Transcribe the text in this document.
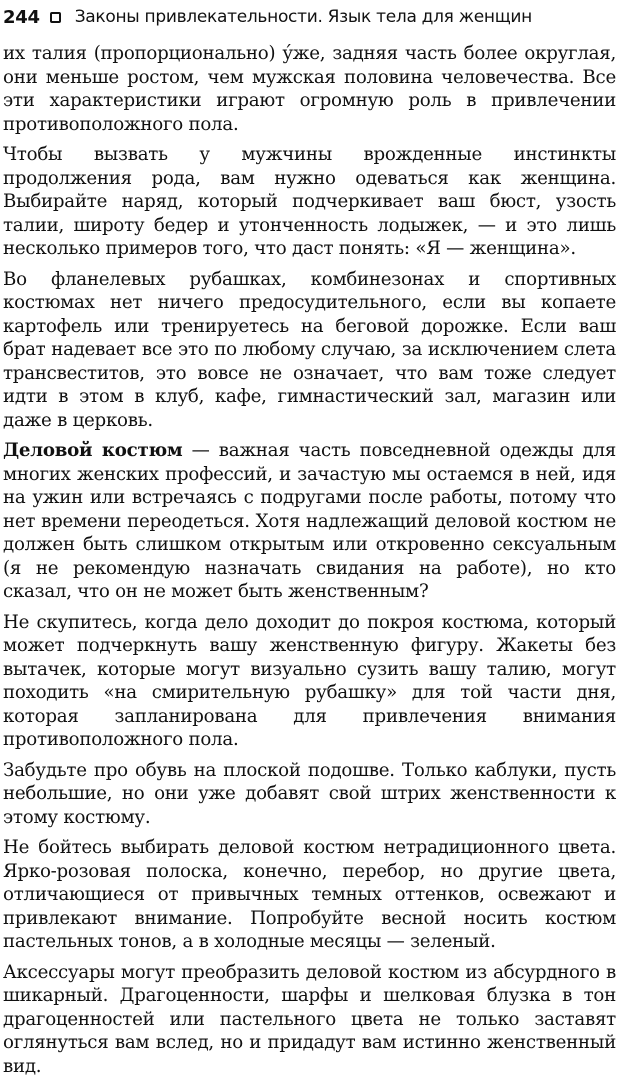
244 Законы привлекательности. Язык тела для женщин

их талия (пропорционально) у́же, задняя часть более округлая, они меньше ростом, чем мужская половина человечества. Все эти характеристики играют огромную роль в привлечении противоположного пола.

Чтобы вызвать у мужчины врожденные инстинкты продолжения рода, вам нужно одеваться как женщина. Выбирайте наряд, который подчеркивает ваш бюст, узость талии, широту бедер и утонченность лодыжек, — и это лишь несколько примеров того, что даст понять: «Я — женщина».

Во фланелевых рубашках, комбинезонах и спортивных костюмах нет ничего предосудительного, если вы копаете картофель или тренируетесь на беговой дорожке. Если ваш брат надевает все это по любому случаю, за исключением слета трансвеститов, это вовсе не означает, что вам тоже следует идти в этом в клуб, кафе, гимнастический зал, магазин или даже в церковь.

Деловой костюм — важная часть повседневной одежды для многих женских профессий, и зачастую мы остаемся в ней, идя на ужин или встречаясь с подругами после работы, потому что нет времени переодеться. Хотя надлежащий деловой костюм не должен быть слишком открытым или откровенно сексуальным (я не рекомендую назначать свидания на работе), но кто сказал, что он не может быть женственным?

Не скупитесь, когда дело доходит до покроя костюма, который может подчеркнуть вашу женственную фигуру. Жакеты без вытачек, которые могут визуально сузить вашу талию, могут походить «на смирительную рубашку» для той части дня, которая запланирована для привлечения внимания противоположного пола.

Забудьте про обувь на плоской подошве. Только каблуки, пусть небольшие, но они уже добавят свой штрих женственности к этому костюму.

Не бойтесь выбирать деловой костюм нетрадиционного цвета. Ярко-розовая полоска, конечно, перебор, но другие цвета, отличающиеся от привычных темных оттенков, освежают и привлекают внимание. Попробуйте весной носить костюм пастельных тонов, а в холодные месяцы — зеленый.

Аксессуары могут преобразить деловой костюм из абсурдного в шикарный. Драгоценности, шарфы и шелковая блузка в тон драгоценностей или пастельного цвета не только заставят оглянуться вам вслед, но и придадут вам истинно женственный вид.
